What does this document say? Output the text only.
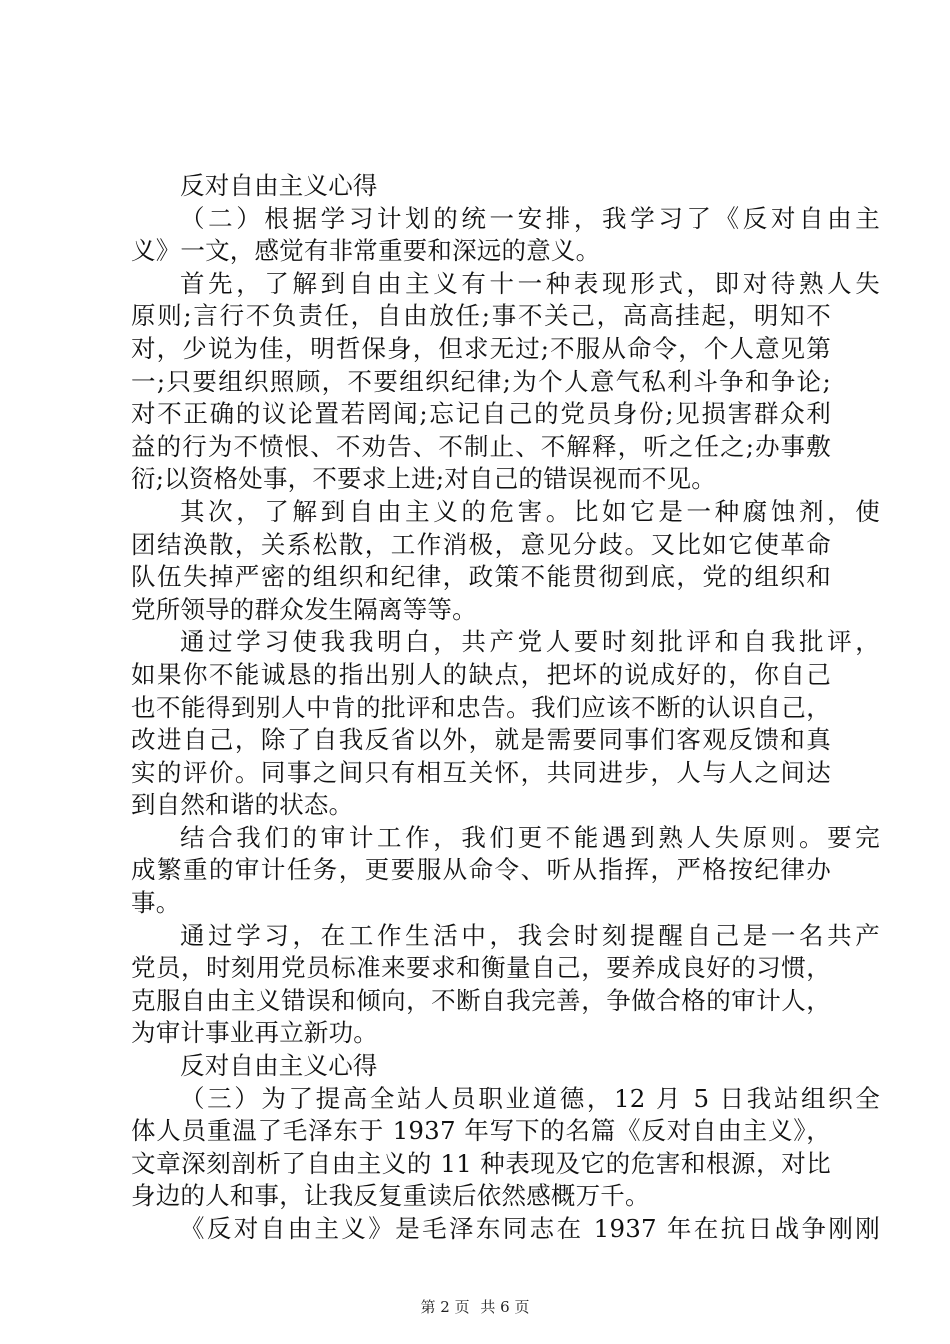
反对自由主义心得
（二）根据学习计划的统一安排，我学习了《反对自由主
义》一文，感觉有非常重要和深远的意义。
首先，了解到自由主义有十一种表现形式，即对待熟人失
原则;言行不负责任，自由放任;事不关己，高高挂起，明知不
对，少说为佳，明哲保身，但求无过;不服从命令，个人意见第
一;只要组织照顾，不要组织纪律;为个人意气私利斗争和争论;
对不正确的议论置若罔闻;忘记自己的党员身份;见损害群众利
益的行为不愤恨、不劝告、不制止、不解释，听之任之;办事敷
衍;以资格处事，不要求上进;对自己的错误视而不见。
其次，了解到自由主义的危害。比如它是一种腐蚀剂，使
团结涣散，关系松散，工作消极，意见分歧。又比如它使革命
队伍失掉严密的组织和纪律，政策不能贯彻到底，党的组织和
党所领导的群众发生隔离等等。
通过学习使我我明白，共产党人要时刻批评和自我批评，
如果你不能诚恳的指出别人的缺点，把坏的说成好的，你自己
也不能得到别人中肯的批评和忠告。我们应该不断的认识自己，
改进自己，除了自我反省以外，就是需要同事们客观反馈和真
实的评价。同事之间只有相互关怀，共同进步，人与人之间达
到自然和谐的状态。
结合我们的审计工作，我们更不能遇到熟人失原则。要完
成繁重的审计任务，更要服从命令、听从指挥，严格按纪律办
事。
通过学习，在工作生活中，我会时刻提醒自己是一名共产
党员，时刻用党员标准来要求和衡量自己，要养成良好的习惯，
克服自由主义错误和倾向，不断自我完善，争做合格的审计人，
为审计事业再立新功。
反对自由主义心得
（三）为了提高全站人员职业道德，12 月 5 日我站组织全
体人员重温了毛泽东于 1937 年写下的名篇《反对自由主义》，
文章深刻剖析了自由主义的 11 种表现及它的危害和根源，对比
身边的人和事，让我反复重读后依然感概万千。
《反对自由主义》是毛泽东同志在 1937 年在抗日战争刚刚
第 2 页 共 6 页
